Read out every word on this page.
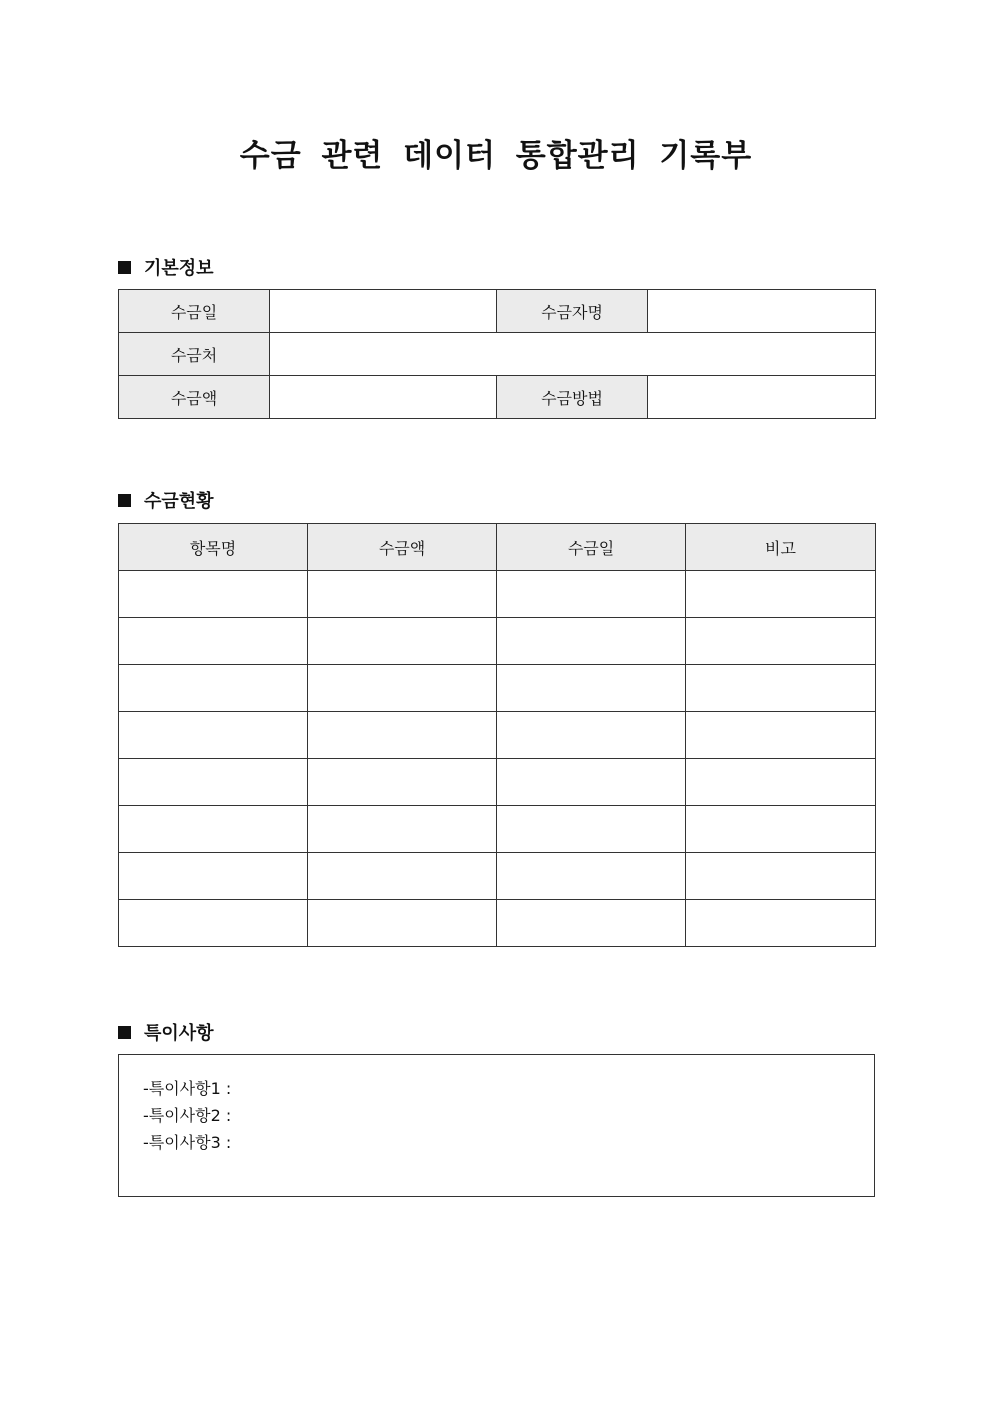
수금 관련 데이터 통합관리 기록부
기본정보
수금일		수금자명	
수금처			
수금액		수금방법	
수금현황
항목명	수금액	수금일	비고

특이사항
-특이사항1 :
-특이사항2 :
-특이사항3 :
